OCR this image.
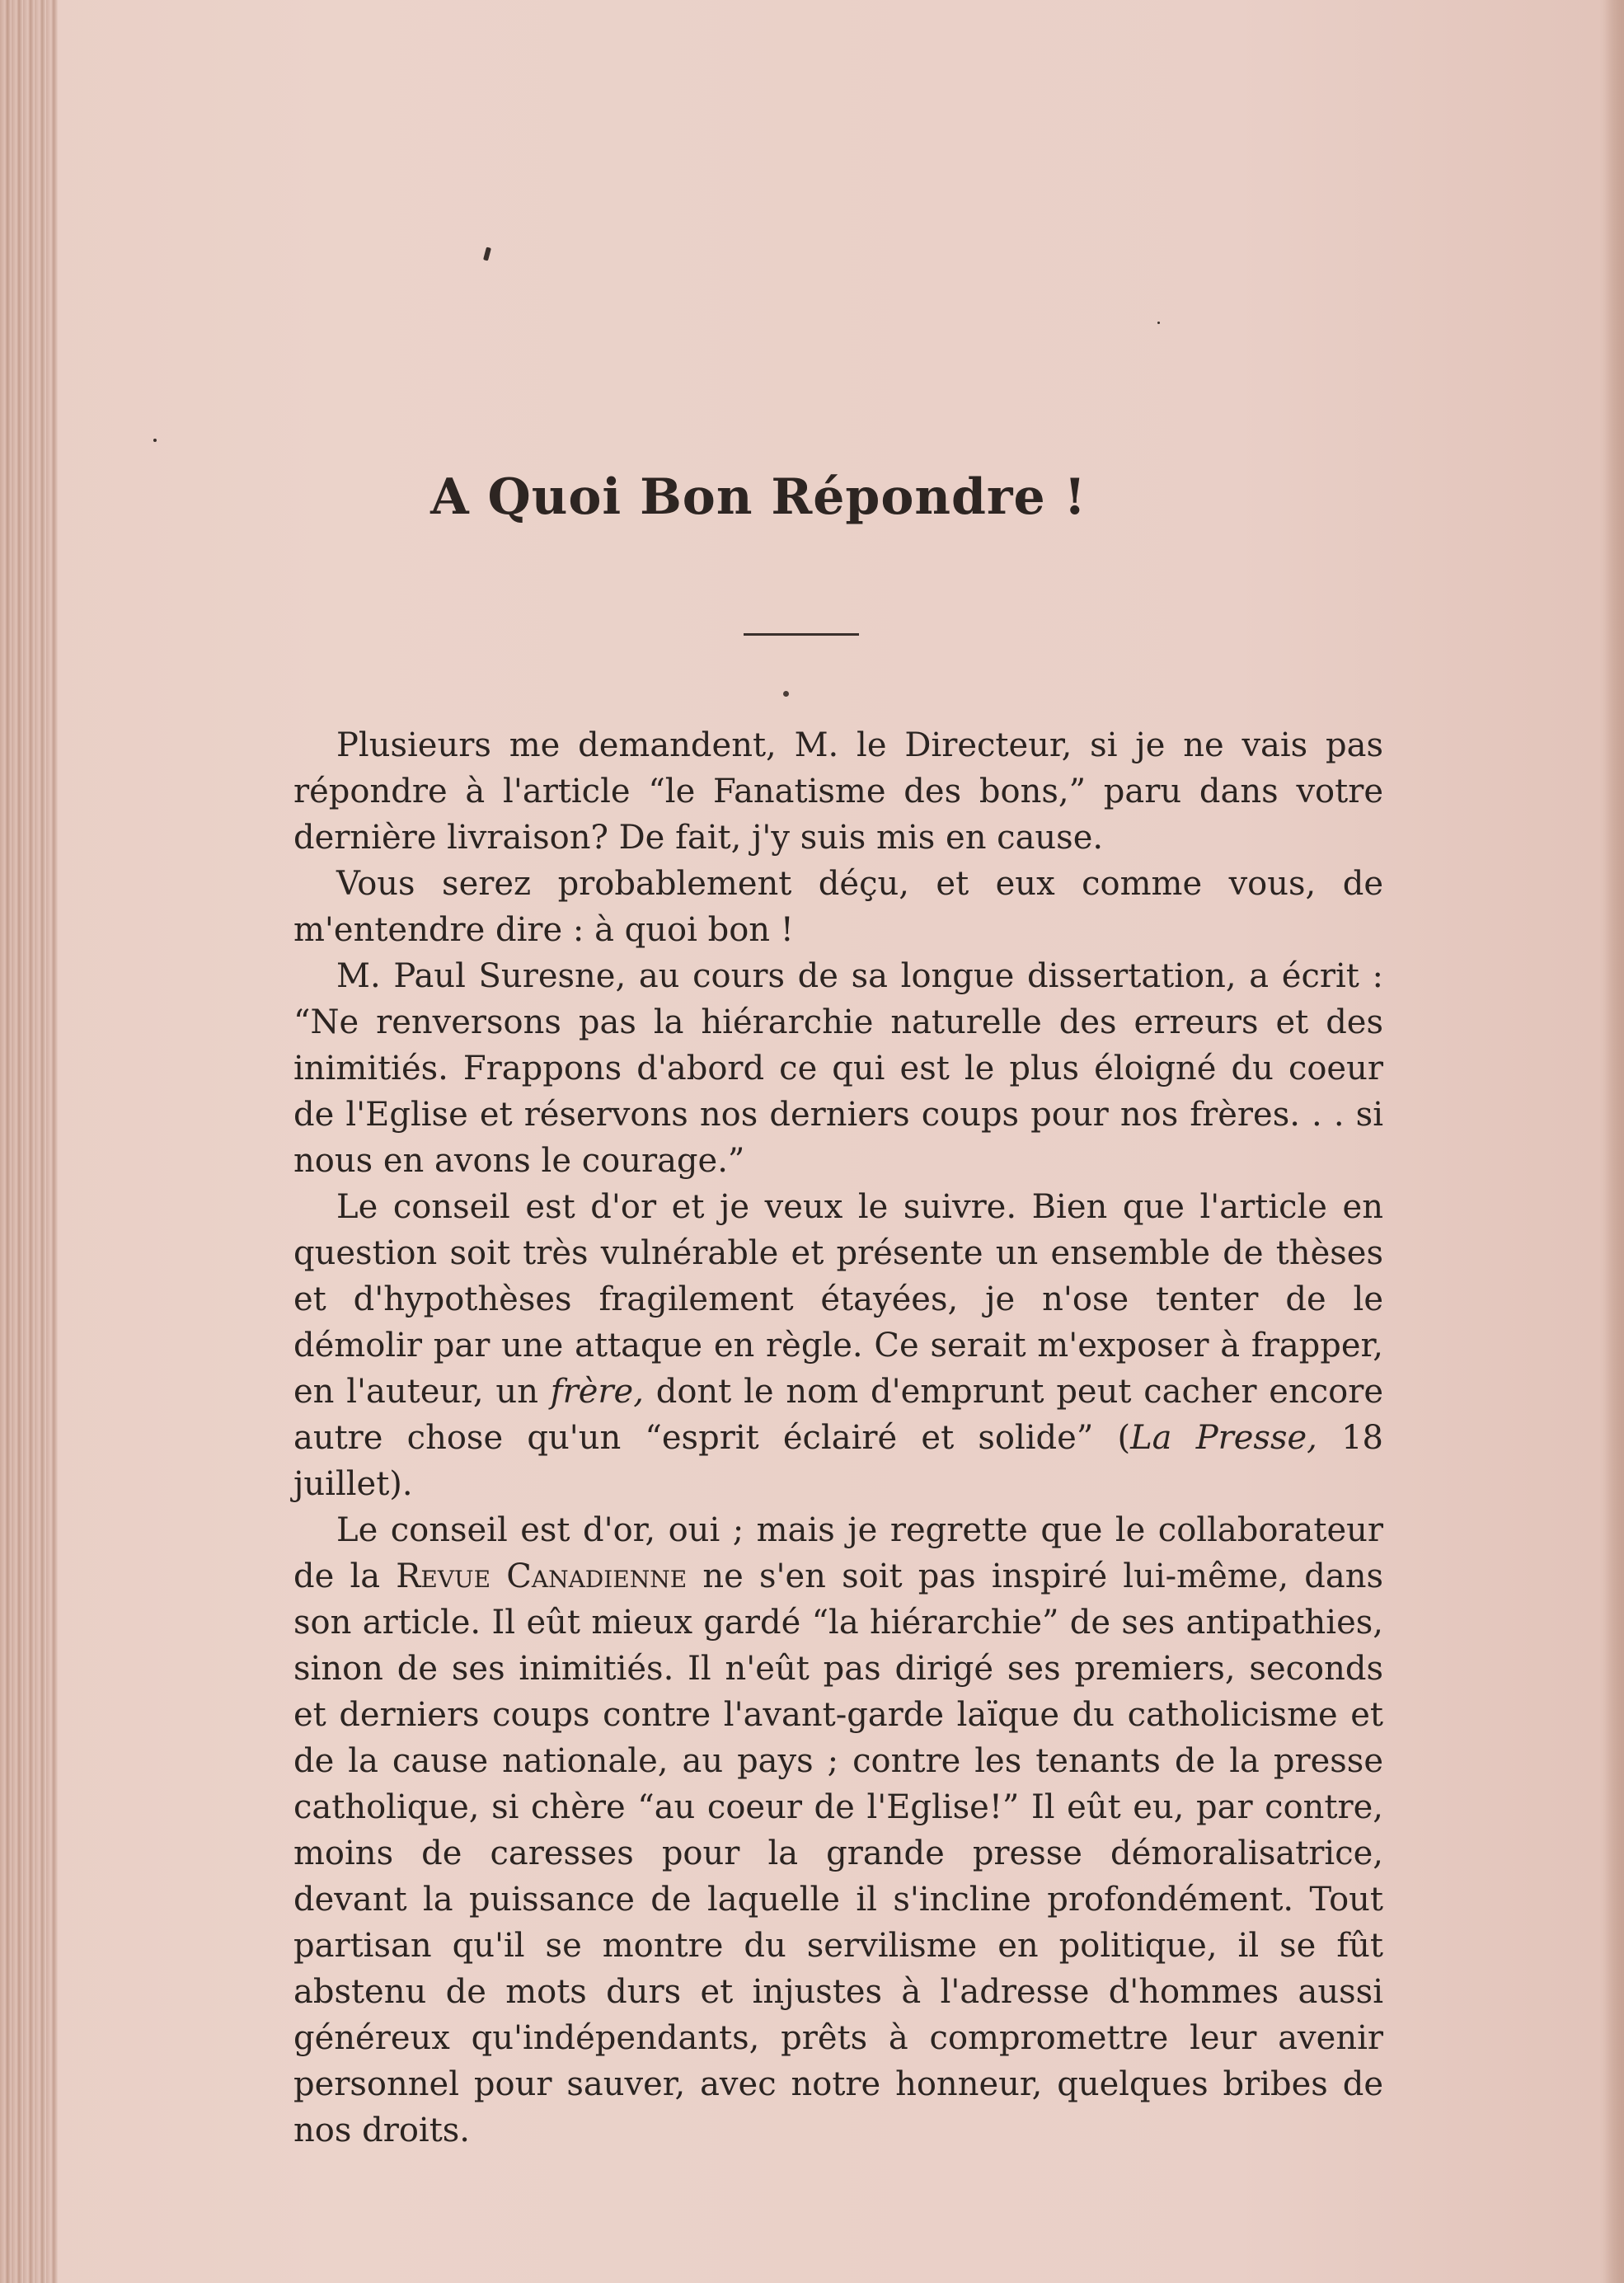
A Quoi Bon Répondre !

Plusieurs me demandent, M. le Directeur, si je ne vais pas répondre à l'article “le Fanatisme des bons,” paru dans votre dernière livraison? De fait, j'y suis mis en cause.

Vous serez probablement déçu, et eux comme vous, de m'entendre dire : à quoi bon !

M. Paul Suresne, au cours de sa longue dissertation, a écrit : “Ne renversons pas la hiérarchie naturelle des erreurs et des inimitiés. Frappons d'abord ce qui est le plus éloigné du coeur de l'Eglise et réservons nos derniers coups pour nos frères. . . si nous en avons le courage.”

Le conseil est d'or et je veux le suivre. Bien que l'article en question soit très vulnérable et présente un ensemble de thèses et d'hypothèses fragilement étayées, je n'ose tenter de le démolir par une attaque en règle. Ce serait m'exposer à frapper, en l'auteur, un frère, dont le nom d'emprunt peut cacher encore autre chose qu'un “esprit éclairé et solide” (La Presse, 18 juillet).

Le conseil est d'or, oui ; mais je regrette que le collaborateur de la Revue Canadienne ne s'en soit pas inspiré lui-même, dans son article. Il eût mieux gardé “la hiérarchie” de ses antipathies, sinon de ses inimitiés. Il n'eût pas dirigé ses premiers, seconds et derniers coups contre l'avant-garde laïque du catholicisme et de la cause nationale, au pays ; contre les tenants de la presse catholique, si chère “au coeur de l'Eglise!” Il eût eu, par contre, moins de caresses pour la grande presse démoralisatrice, devant la puissance de laquelle il s'incline profondément. Tout partisan qu'il se montre du servilisme en politique, il se fût abstenu de mots durs et injustes à l'adresse d'hommes aussi généreux qu'indépendants, prêts à compromettre leur avenir personnel pour sauver, avec notre honneur, quelques bribes de nos droits.
